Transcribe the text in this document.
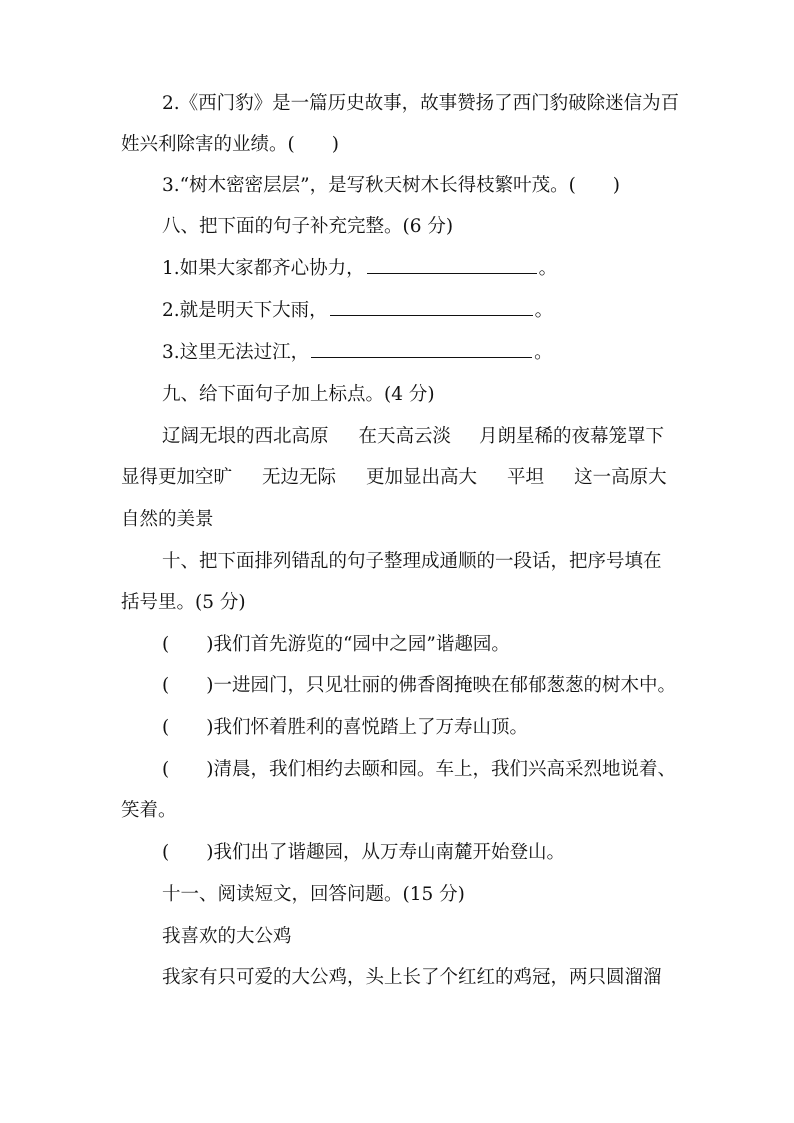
2.《西门豹》是一篇历史故事，故事赞扬了西门豹破除迷信为百
姓兴利除害的业绩。(　　)
3.“树木密密层层”，是写秋天树木长得枝繁叶茂。(　　)
八、把下面的句子补充完整。(6 分)
1.如果大家都齐心协力，	。
2.就是明天下大雨，	。
3.这里无法过江，	。
九、给下面句子加上标点。(4 分)
辽阔无垠的西北高原 在天高云淡 月朗星稀的夜幕笼罩下
显得更加空旷 无边无际 更加显出高大 平坦 这一高原大
自然的美景
十、把下面排列错乱的句子整理成通顺的一段话，把序号填在
括号里。(5 分)
(　　)我们首先游览的“园中之园”谐趣园。
(　　)一进园门，只见壮丽的佛香阁掩映在郁郁葱葱的树木中。
(　　)我们怀着胜利的喜悦踏上了万寿山顶。
(　　)清晨，我们相约去颐和园。车上，我们兴高采烈地说着、
笑着。
(　　)我们出了谐趣园，从万寿山南麓开始登山。
十一、阅读短文，回答问题。(15 分)
我喜欢的大公鸡
我家有只可爱的大公鸡，头上长了个红红的鸡冠，两只圆溜溜
